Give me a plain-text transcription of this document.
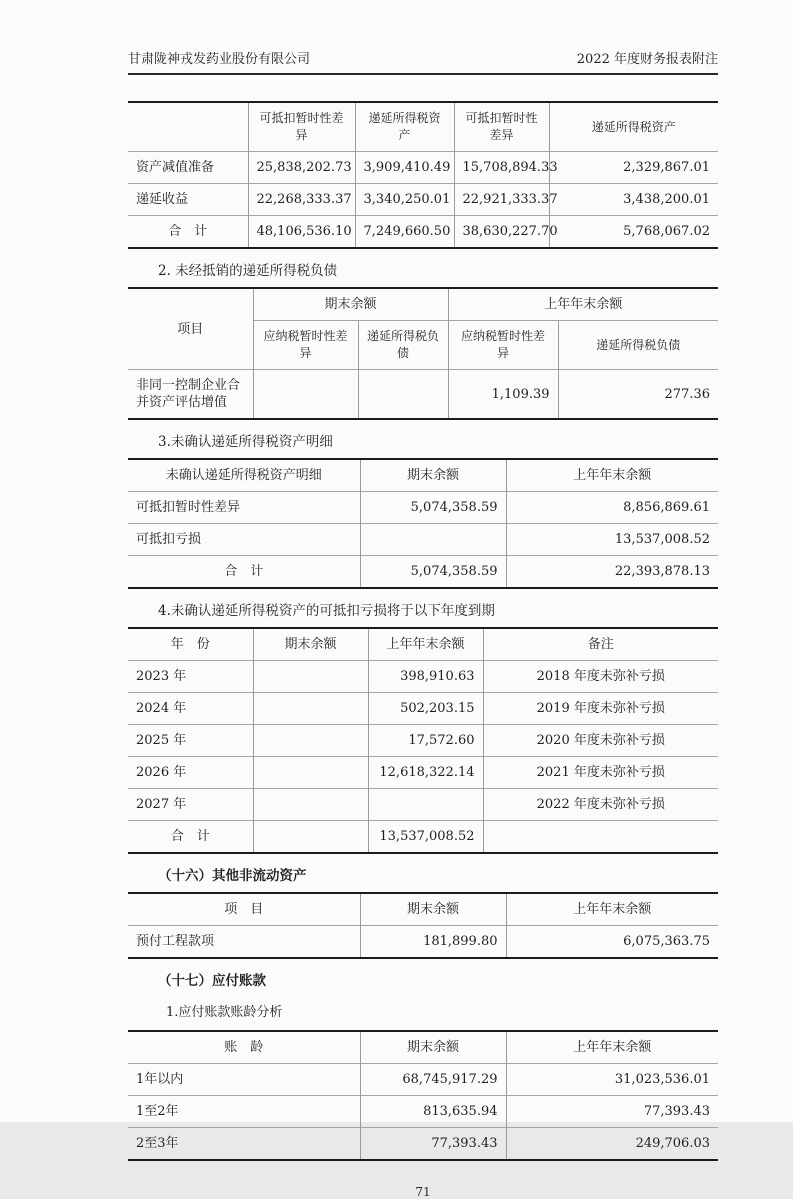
甘肃陇神戎发药业股份有限公司	2022 年度财务报表附注
	可抵扣暂时性差异	递延所得税资产	可抵扣暂时性差异	递延所得税资产
资产减值准备	25,838,202.73	3,909,410.49	15,708,894.33	2,329,867.01
递延收益	22,268,333.37	3,340,250.01	22,921,333.37	3,438,200.01
合　计	48,106,536.10	7,249,660.50	38,630,227.70	5,768,067.02
2. 未经抵销的递延所得税负债
项目	期末余额		上年年末余额	
	应纳税暂时性差异	递延所得税负债	应纳税暂时性差异	递延所得税负债
非同一控制企业合并资产评估增值			1,109.39	277.36
3.未确认递延所得税资产明细
未确认递延所得税资产明细	期末余额	上年年末余额
可抵扣暂时性差异	5,074,358.59	8,856,869.61
可抵扣亏损		13,537,008.52
合　计	5,074,358.59	22,393,878.13
4.未确认递延所得税资产的可抵扣亏损将于以下年度到期
年　份	期末余额	上年年末余额	备注
2023 年		398,910.63	2018 年度未弥补亏损
2024 年		502,203.15	2019 年度未弥补亏损
2025 年		17,572.60	2020 年度未弥补亏损
2026 年		12,618,322.14	2021 年度未弥补亏损
2027 年			2022 年度未弥补亏损
合　计		13,537,008.52	
（十六）其他非流动资产
项　目	期末余额	上年年末余额
预付工程款项	181,899.80	6,075,363.75
（十七）应付账款
1.应付账款账龄分析
账　龄	期末余额	上年年末余额
1年以内	68,745,917.29	31,023,536.01
1至2年	813,635.94	77,393.43
2至3年	77,393.43	249,706.03
71
